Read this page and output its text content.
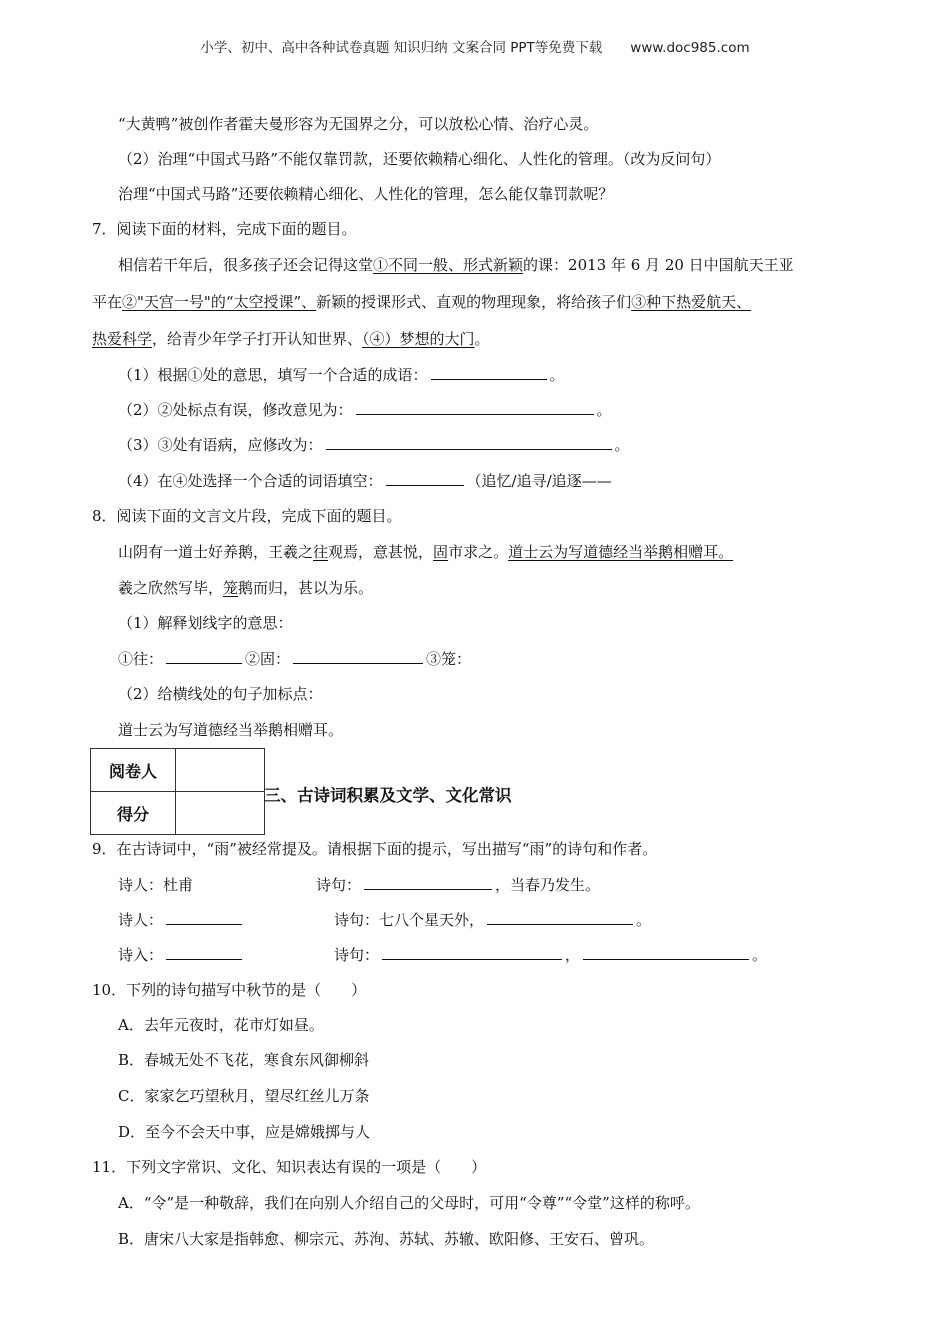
小学、初中、高中各种试卷真题 知识归纳 文案合同 PPT等免费下载 www.doc985.com
“大黄鸭”被创作者霍夫曼形容为无国界之分，可以放松心情、治疗心灵。
（2）治理“中国式马路”不能仅靠罚款，还要依赖精心细化、人性化的管理。（改为反问句）
治理“中国式马路”还要依赖精心细化、人性化的管理，怎么能仅靠罚款呢？
7．阅读下面的材料，完成下面的题目。
相信若干年后，很多孩子还会记得这堂①不同一般、形式新颖的课：2013 年 6 月 20 日中国航天王亚
平在②"天宫一号"的“太空授课”、新颖的授课形式、直观的物理现象，将给孩子们③种下热爱航天、
热爱科学，给青少年学子打开认知世界、（④）梦想的大门。
（1）根据①处的意思，填写一个合适的成语：	。
（2）②处标点有误，修改意见为：	。
（3）③处有语病，应修改为：	。
（4）在④处选择一个合适的词语填空：	（追忆/追寻/追逐——
8．阅读下面的文言文片段，完成下面的题目。
山阴有一道士好养鹅，王羲之往观焉，意甚悦，固市求之。道士云为写道德经当举鹅相赠耳。
羲之欣然写毕，笼鹅而归，甚以为乐。
（1）解释划线字的意思：
①往：	②固：	③笼：
（2）给横线处的句子加标点：
道士云为写道德经当举鹅相赠耳。
阅卷人	
得分	
三、古诗词积累及文学、文化常识
9．在古诗词中，“雨”被经常提及。请根据下面的提示，写出描写“雨”的诗句和作者。
诗人：杜甫	诗句：	，当春乃发生。
诗人：	诗句：七八个星天外，	。
诗入：	诗句：	，	。
10．下列的诗句描写中秋节的是（　　）
A．去年元夜时，花市灯如昼。
B．春城无处不飞花，寒食东风御柳斜
C．家家乞巧望秋月，望尽红丝儿万条
D．至今不会天中事，应是嫦娥掷与人
11．下列文字常识、文化、知识表达有误的一项是（　　）
A．“令”是一种敬辞，我们在向别人介绍自己的父母时，可用“令尊”“令堂”这样的称呼。
B．唐宋八大家是指韩愈、柳宗元、苏洵、苏轼、苏辙、欧阳修、王安石、曾巩。
